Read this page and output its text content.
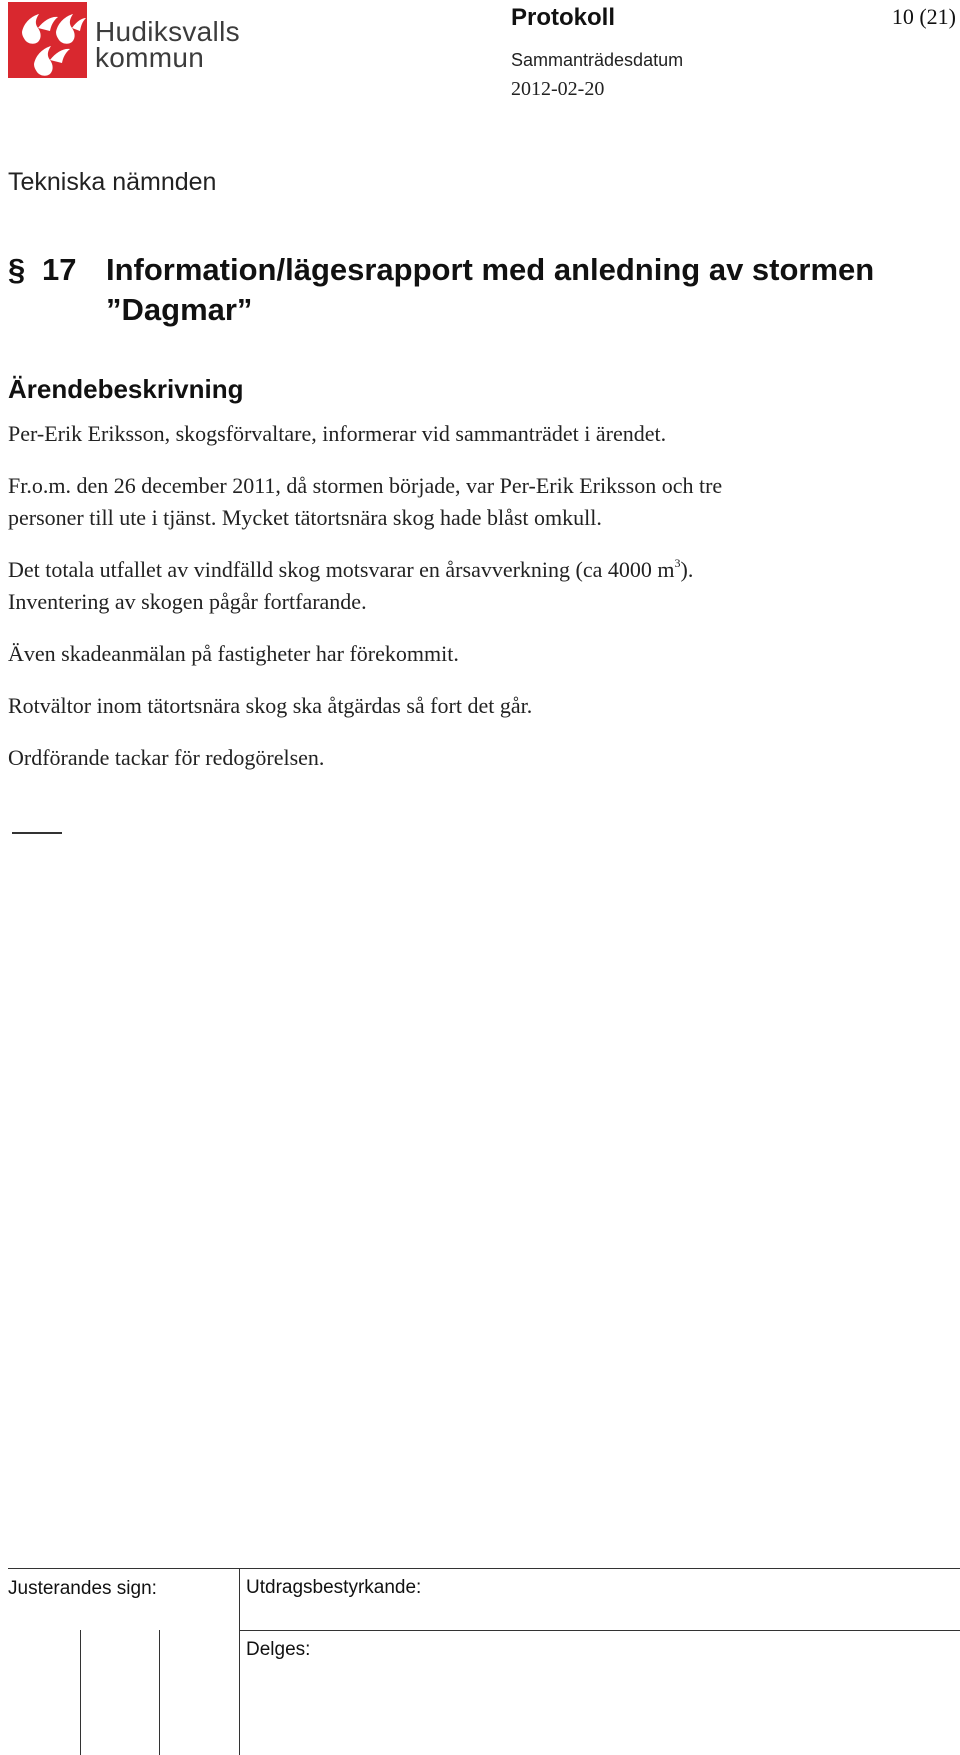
Hudiksvalls
kommun
Protokoll	10 (21)
Sammanträdesdatum
2012-02-20
Tekniska nämnden
§ 17 Information/lägesrapport med anledning av stormen
”Dagmar”
Ärendebeskrivning

Per-Erik Eriksson, skogsförvaltare, informerar vid sammanträdet i ärendet.

Fr.o.m. den 26 december 2011, då stormen började, var Per-Erik Eriksson och tre
personer till ute i tjänst. Mycket tätortsnära skog hade blåst omkull.

Det totala utfallet av vindfälld skog motsvarar en årsavverkning (ca 4000 $m^3$).
Inventering av skogen pågår fortfarande.

Även skadeanmälan på fastigheter har förekommit.

Rotvältor inom tätortsnära skog ska åtgärdas så fort det går.

Ordförande tackar för redogörelsen.

Justerandes sign:	Utdragsbestyrkande:
Delges:
